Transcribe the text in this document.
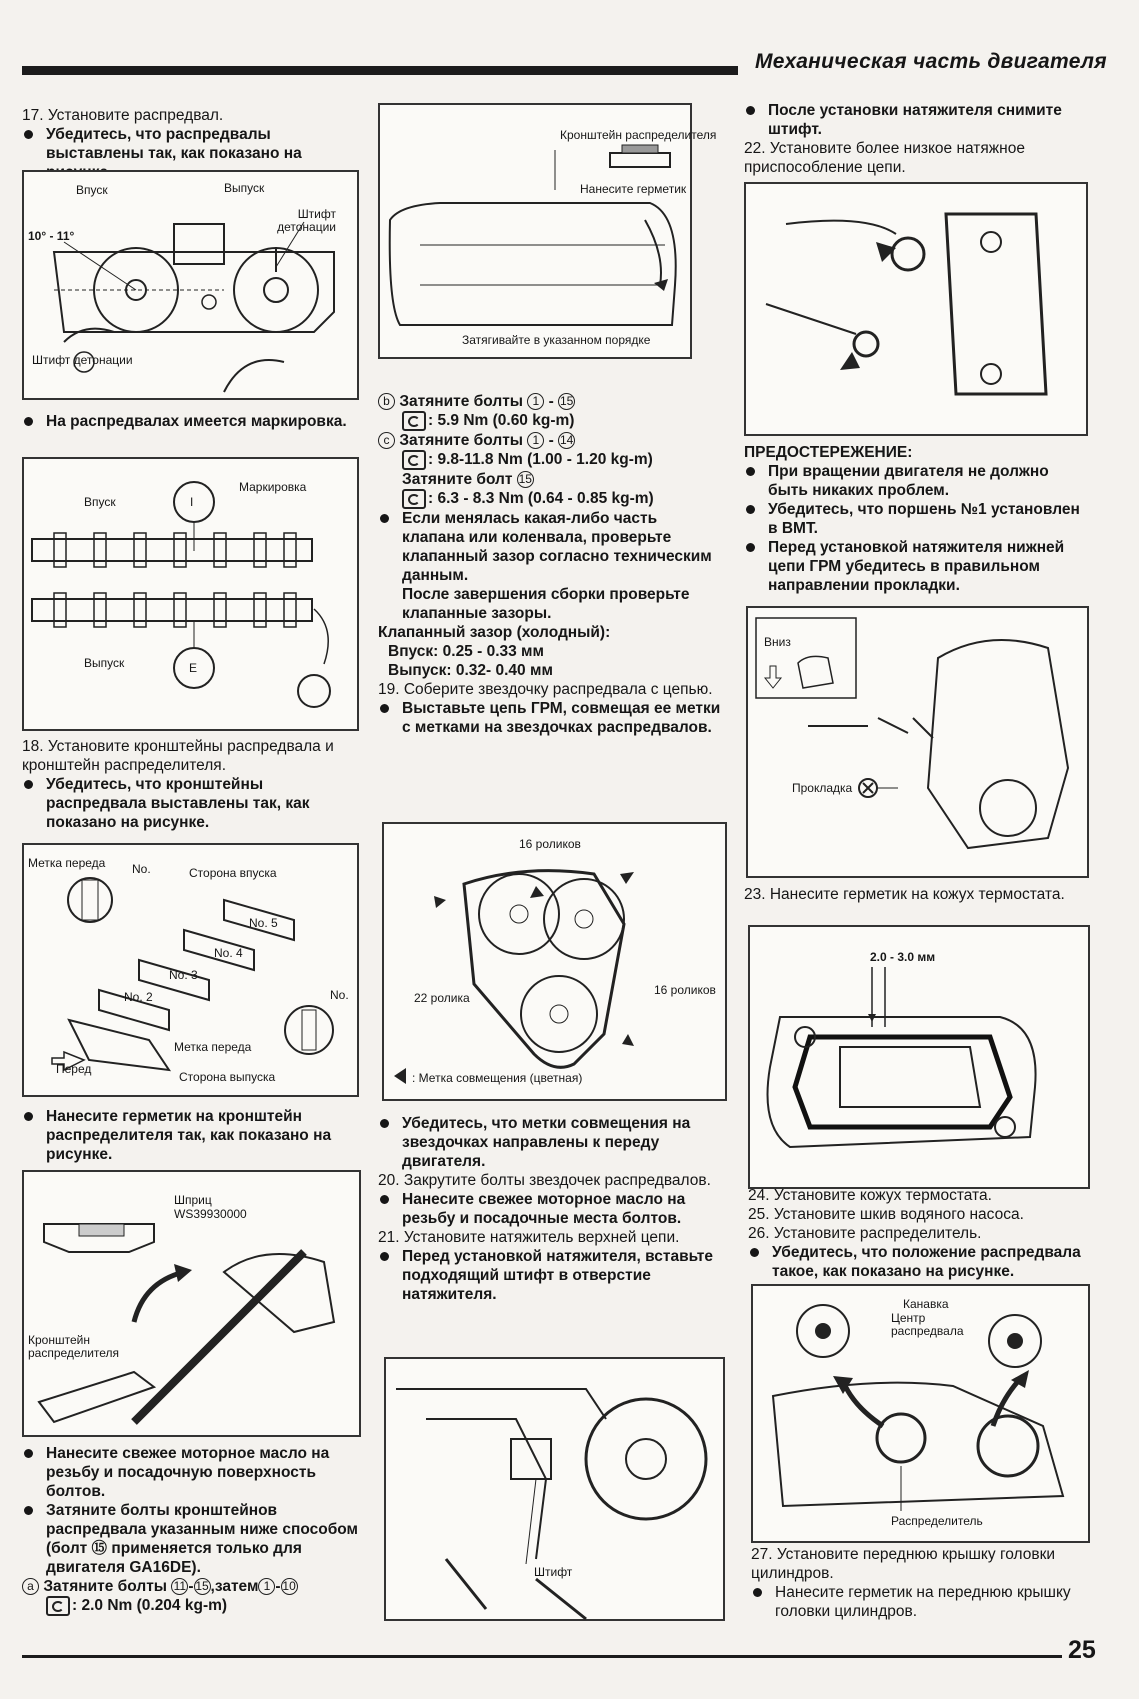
Механическая часть двигателя

17. Установите распредвал.

Убедитесь, что распредвалы выставлены так, как показано на

Впуск	Выпуск
Штифт детонации
10° - 11°
Штифт детонации

На распредвалах имеется маркировка.

Впуск
Маркировка
I
Выпуск	E

18. Установите кронштейны распредвала и кронштейн распределителя.

Убедитесь, что кронштейны распредвала выставлены так, как показано на рисунке.

Метка переда No.	Сторона впуска
No. 5
No. 4
No. 3
No. 2	No.
Метка переда
Перед
Сторона выпуска

Нанесите герметик на кронштейн распределителя так, как показано на рисунке.

Шприц
WS39930000
Кронштейн распределителя

Нанесите свежее моторное масло на резьбу и посадочную поверхность болтов.

Затяните болты кронштейнов распредвала указанным ниже способом (болт ⑮ применяется только для двигателя GA16DE).

a Затяните болты 11 - 15 ,затем 1 - 10

: 2.0 Nm (0.204 kg-m)

Кронштейн распределителя
Нанесите герметик
Затягивайте в указанном порядке

b Затяните болты 1 - 15

: 5.9 Nm (0.60 kg-m)

c Затяните болты 1 - 14

: 9.8-11.8 Nm (1.00 - 1.20 kg-m)

Затяните болт 15

: 6.3 - 8.3 Nm (0.64 - 0.85 kg-m)

Если менялась какая-либо часть клапана или коленвала, проверьте клапанный зазор согласно техническим данным.

После завершения сборки проверьте клапанные зазоры.

Клапанный зазор (холодный):

Впуск: 0.25 - 0.33 мм

Выпуск: 0.32- 0.40 мм

19. Соберите звездочку распредвала с цепью.

Выставьте цепь ГРМ, совмещая ее метки с метками на звездочках распредвалов.

16 роликов
22 ролика
16 роликов
: Метка совмещения (цветная)

Убедитесь, что метки совмещения на звездочках направлены к переду двигателя.

20. Закрутите болты звездочек распредвалов.

Нанесите свежее моторное масло на резьбу и посадочные места болтов.

21. Установите натяжитель верхней цепи.

Перед установкой натяжителя, вставьте подходящий штифт в отверстие натяжителя.

Штифт

После установки натяжителя снимите штифт.

22. Установите более низкое натяжное приспособление цепи.

ПРЕДОСТЕРЕЖЕНИЕ:

При вращении двигателя не должно быть никаких проблем.

Убедитесь, что поршень №1 установлен в ВМТ.

Перед установкой натяжителя нижней цепи ГРМ убедитесь в правильном направлении прокладки.

Вниз
Прокладка

23. Нанесите герметик на кожух термостата.

2.0 - 3.0 мм

24. Установите кожух термостата.

25. Установите шкив водяного насоса.

26. Установите распределитель.

Убедитесь, что положение распредвала такое, как показано на рисунке.

Канавка
Центр распредвала
Распределитель

27. Установите переднюю крышку головки цилиндров.

Нанесите герметик на переднюю крышку головки цилиндров.

25
